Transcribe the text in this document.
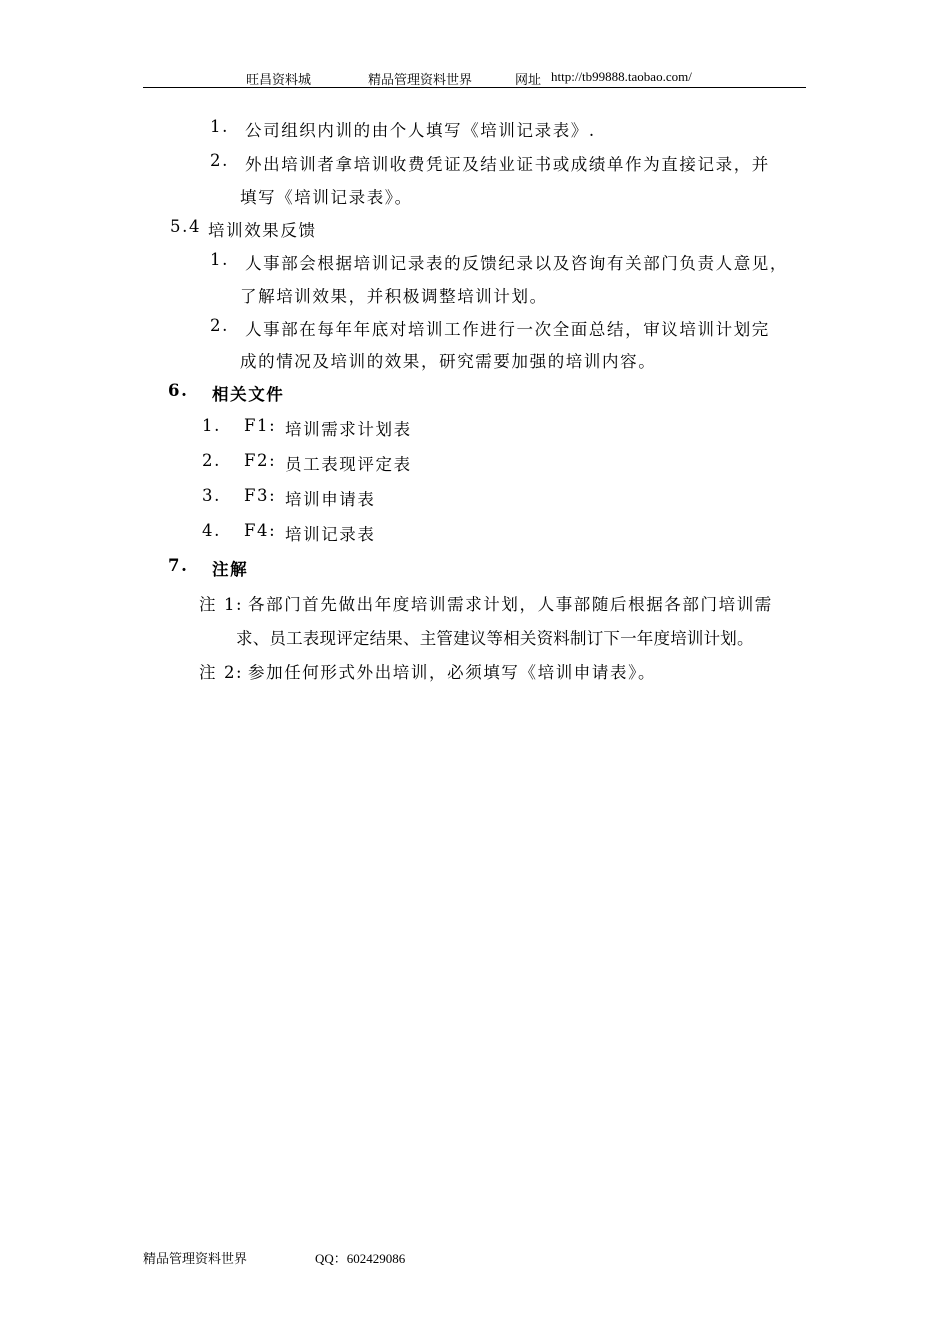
旺昌资料城	精品管理资料世界	网址 http://tb99888.taobao.com/
1. 公司组织内训的由个人填写《培训记录表》.
2. 外出培训者拿培训收费凭证及结业证书或成绩单作为直接记录，并
填写《培训记录表》。
5.4 培训效果反馈
1. 人事部会根据培训记录表的反馈纪录以及咨询有关部门负责人意见，
了解培训效果，并积极调整培训计划。
2. 人事部在每年年底对培训工作进行一次全面总结，审议培训计划完
成的情况及培训的效果，研究需要加强的培训内容。
6. 相关文件
1. F1: 培训需求计划表
2. F2: 员工表现评定表
3. F3: 培训申请表
4. F4: 培训记录表
7. 注解
注 1: 各部门首先做出年度培训需求计划，人事部随后根据各部门培训需
求、员工表现评定结果、主管建议等相关资料制订下一年度培训计划。
注 2: 参加任何形式外出培训，必须填写《培训申请表》。
精品管理资料世界	QQ：602429086
